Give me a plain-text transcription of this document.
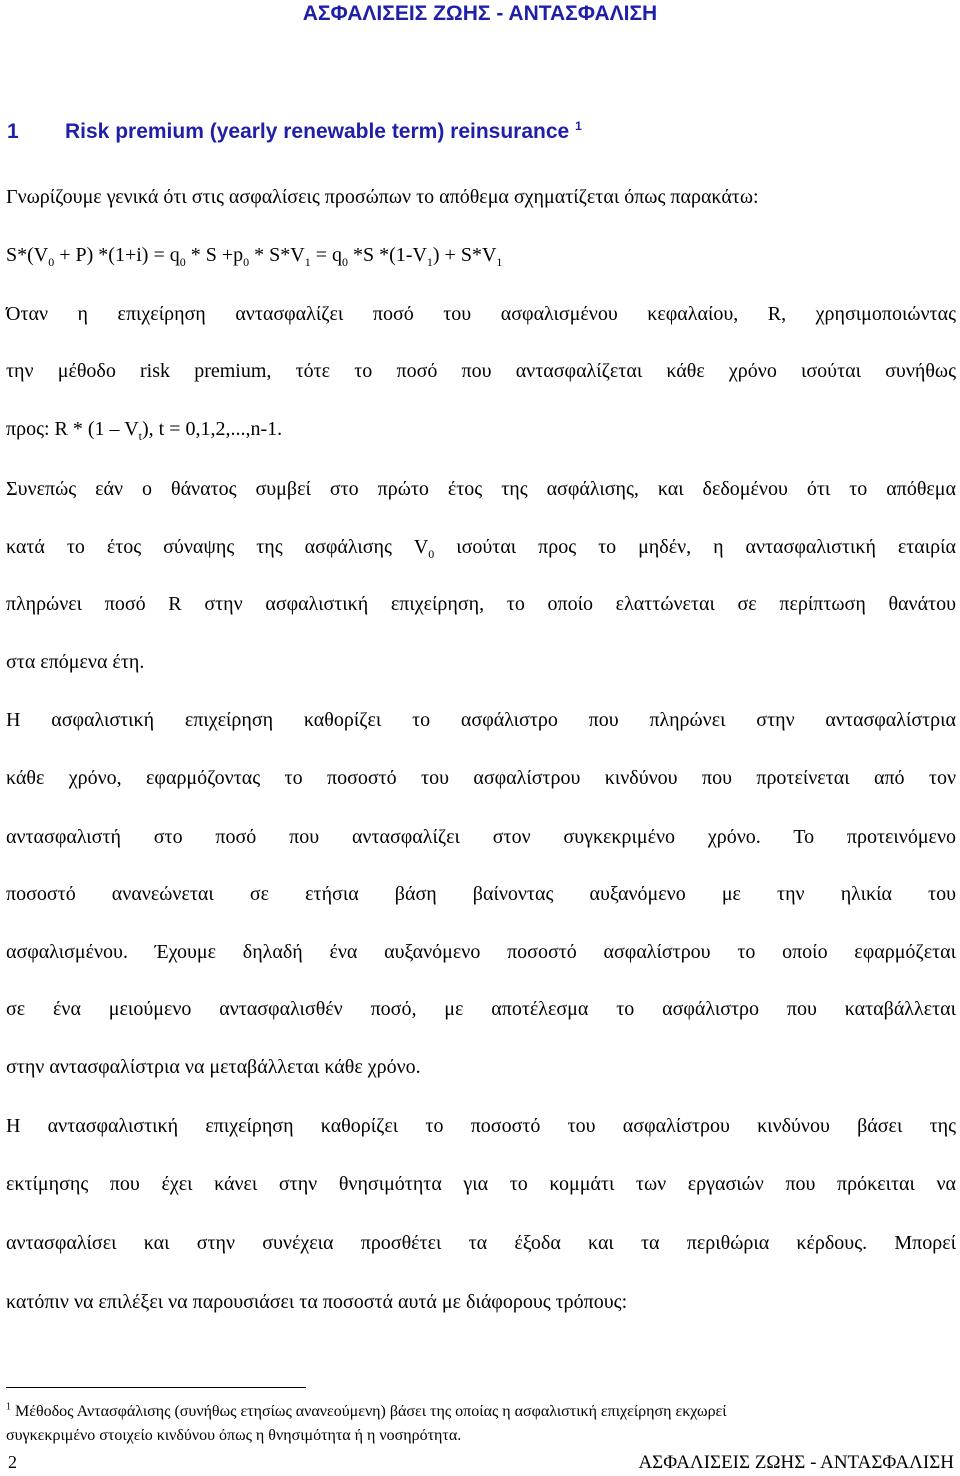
ΑΣΦΑΛΙΣΕΙΣ ΖΩΗΣ - ΑΝΤΑΣΦΑΛΙΣΗ
1 Risk premium (yearly renewable term) reinsurance $^1$
Γνωρίζουμε γενικά ότι στις ασφαλίσεις προσώπων το απόθεμα σχηματίζεται όπως παρακάτω:
$S*(V_0 + P) *(1+i) = q_0 * S +p_0 * S*V_1 = q_0$ *S $*(1-V_1) + S*V_1$
Όταν η επιχείρηση αντασφαλίζει ποσό του ασφαλισμένου κεφαλαίου, R, χρησιμοποιώντας
την μέθοδο risk premium, τότε το ποσό που αντασφαλίζεται κάθε χρόνο ισούται συνήθως
προς: R * $(1 - V_t)$, t = 0,1,2,...,n-1.
Συνεπώς εάν ο θάνατος συμβεί στο πρώτο έτος της ασφάλισης, και δεδομένου ότι το απόθεμα
κατά το έτος σύναψης της ασφάλισης $V_0$ ισούται προς το μηδέν, η αντασφαλιστική εταιρία
πληρώνει ποσό R στην ασφαλιστική επιχείρηση, το οποίο ελαττώνεται σε περίπτωση θανάτου
στα επόμενα έτη.
Η ασφαλιστική επιχείρηση καθορίζει το ασφάλιστρο που πληρώνει στην αντασφαλίστρια
κάθε χρόνο, εφαρμόζοντας το ποσοστό του ασφαλίστρου κινδύνου που προτείνεται από τον
αντασφαλιστή στο ποσό που αντασφαλίζει στον συγκεκριμένο χρόνο. Το προτεινόμενο
ποσοστό ανανεώνεται σε ετήσια βάση βαίνοντας αυξανόμενο με την ηλικία του
ασφαλισμένου. Έχουμε δηλαδή ένα αυξανόμενο ποσοστό ασφαλίστρου το οποίο εφαρμόζεται
σε ένα μειούμενο αντασφαλισθέν ποσό, με αποτέλεσμα το ασφάλιστρο που καταβάλλεται
στην αντασφαλίστρια να μεταβάλλεται κάθε χρόνο.
Η αντασφαλιστική επιχείρηση καθορίζει το ποσοστό του ασφαλίστρου κινδύνου βάσει της
εκτίμησης που έχει κάνει στην θνησιμότητα για το κομμάτι των εργασιών που πρόκειται να
αντασφαλίσει και στην συνέχεια προσθέτει τα έξοδα και τα περιθώρια κέρδους. Μπορεί
κατόπιν να επιλέξει να παρουσιάσει τα ποσοστά αυτά με διάφορους τρόπους:
$^1$ Μέθοδος Αντασφάλισης (συνήθως ετησίως ανανεούμενη) βάσει της οποίας η ασφαλιστική επιχείρηση εκχωρεί
συγκεκριμένο στοιχείο κινδύνου όπως η θνησιμότητα ή η νοσηρότητα.
2	ΑΣΦΑΛΙΣΕΙΣ ΖΩΗΣ - ΑΝΤΑΣΦΑΛΙΣΗ
